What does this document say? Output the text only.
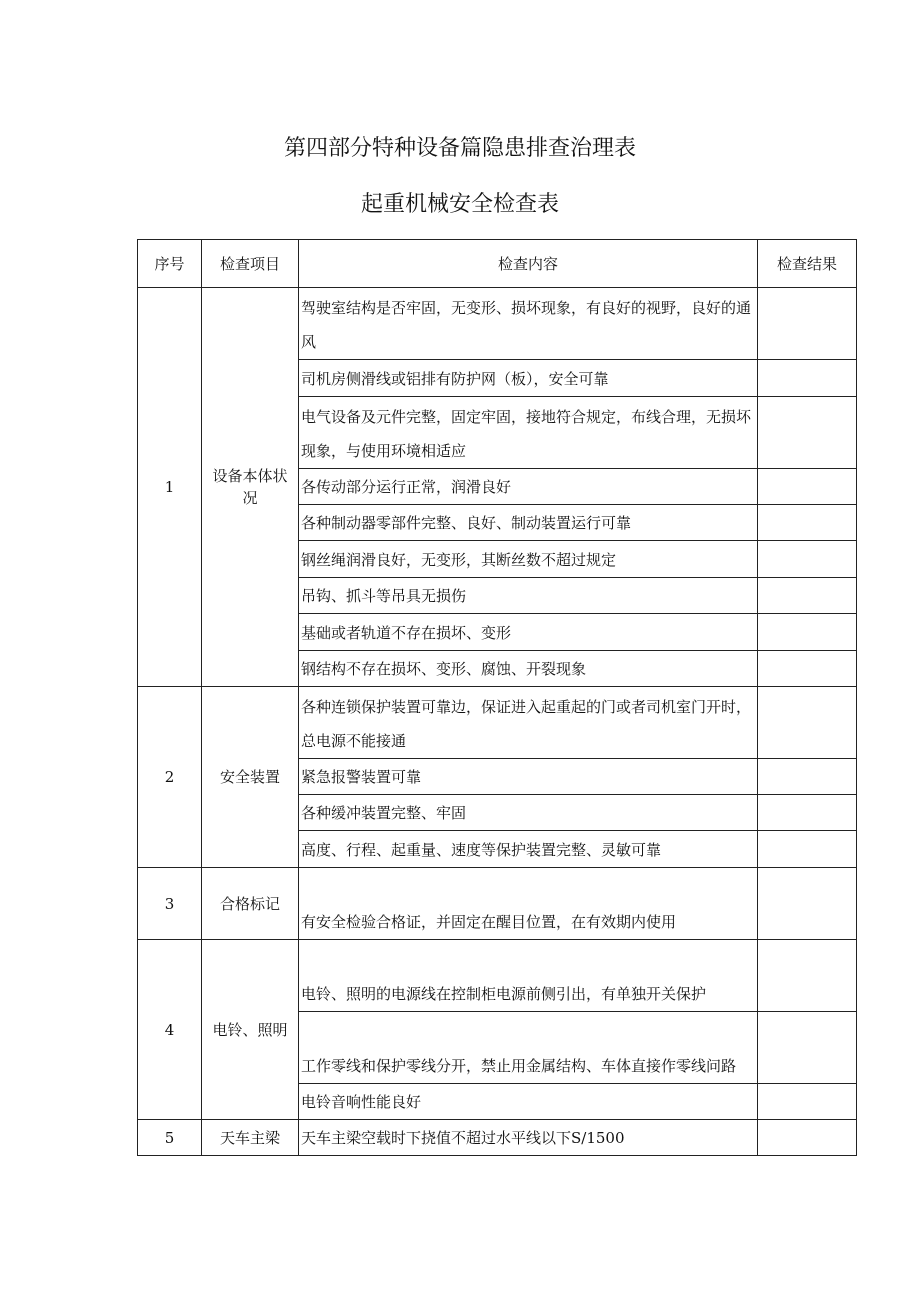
第四部分特种设备篇隐患排查治理表
起重机械安全检查表
序号	检查项目	检查内容	检查结果
1	设备本体状况	驾驶室结构是否牢固，无变形、损坏现象，有良好的视野，良好的通风	
		司机房侧滑线或铝排有防护网（板），安全可靠	
		电气设备及元件完整，固定牢固，接地符合规定，布线合理，无损坏现象，与使用环境相适应	
		各传动部分运行正常，润滑良好	
		各种制动器零部件完整、良好、制动装置运行可靠	
		钢丝绳润滑良好，无变形，其断丝数不超过规定	
		吊钩、抓斗等吊具无损伤	
		基础或者轨道不存在损坏、变形	
		钢结构不存在损坏、变形、腐蚀、开裂现象	
2	安全装置	各种连锁保护装置可靠边，保证进入起重起的门或者司机室门开时，总电源不能接通	
		紧急报警装置可靠	
		各种缓冲装置完整、牢固	
		高度、行程、起重量、速度等保护装置完整、灵敏可靠	
3	合格标记	有安全检验合格证，并固定在醒目位置，在有效期内使用	
4	电铃、照明	电铃、照明的电源线在控制柜电源前侧引出，有单独开关保护	
		工作零线和保护零线分开，禁止用金属结构、车体直接作零线问路	
		电铃音响性能良好	
5	天车主梁	天车主梁空载时下挠值不超过水平线以下S/1500	
